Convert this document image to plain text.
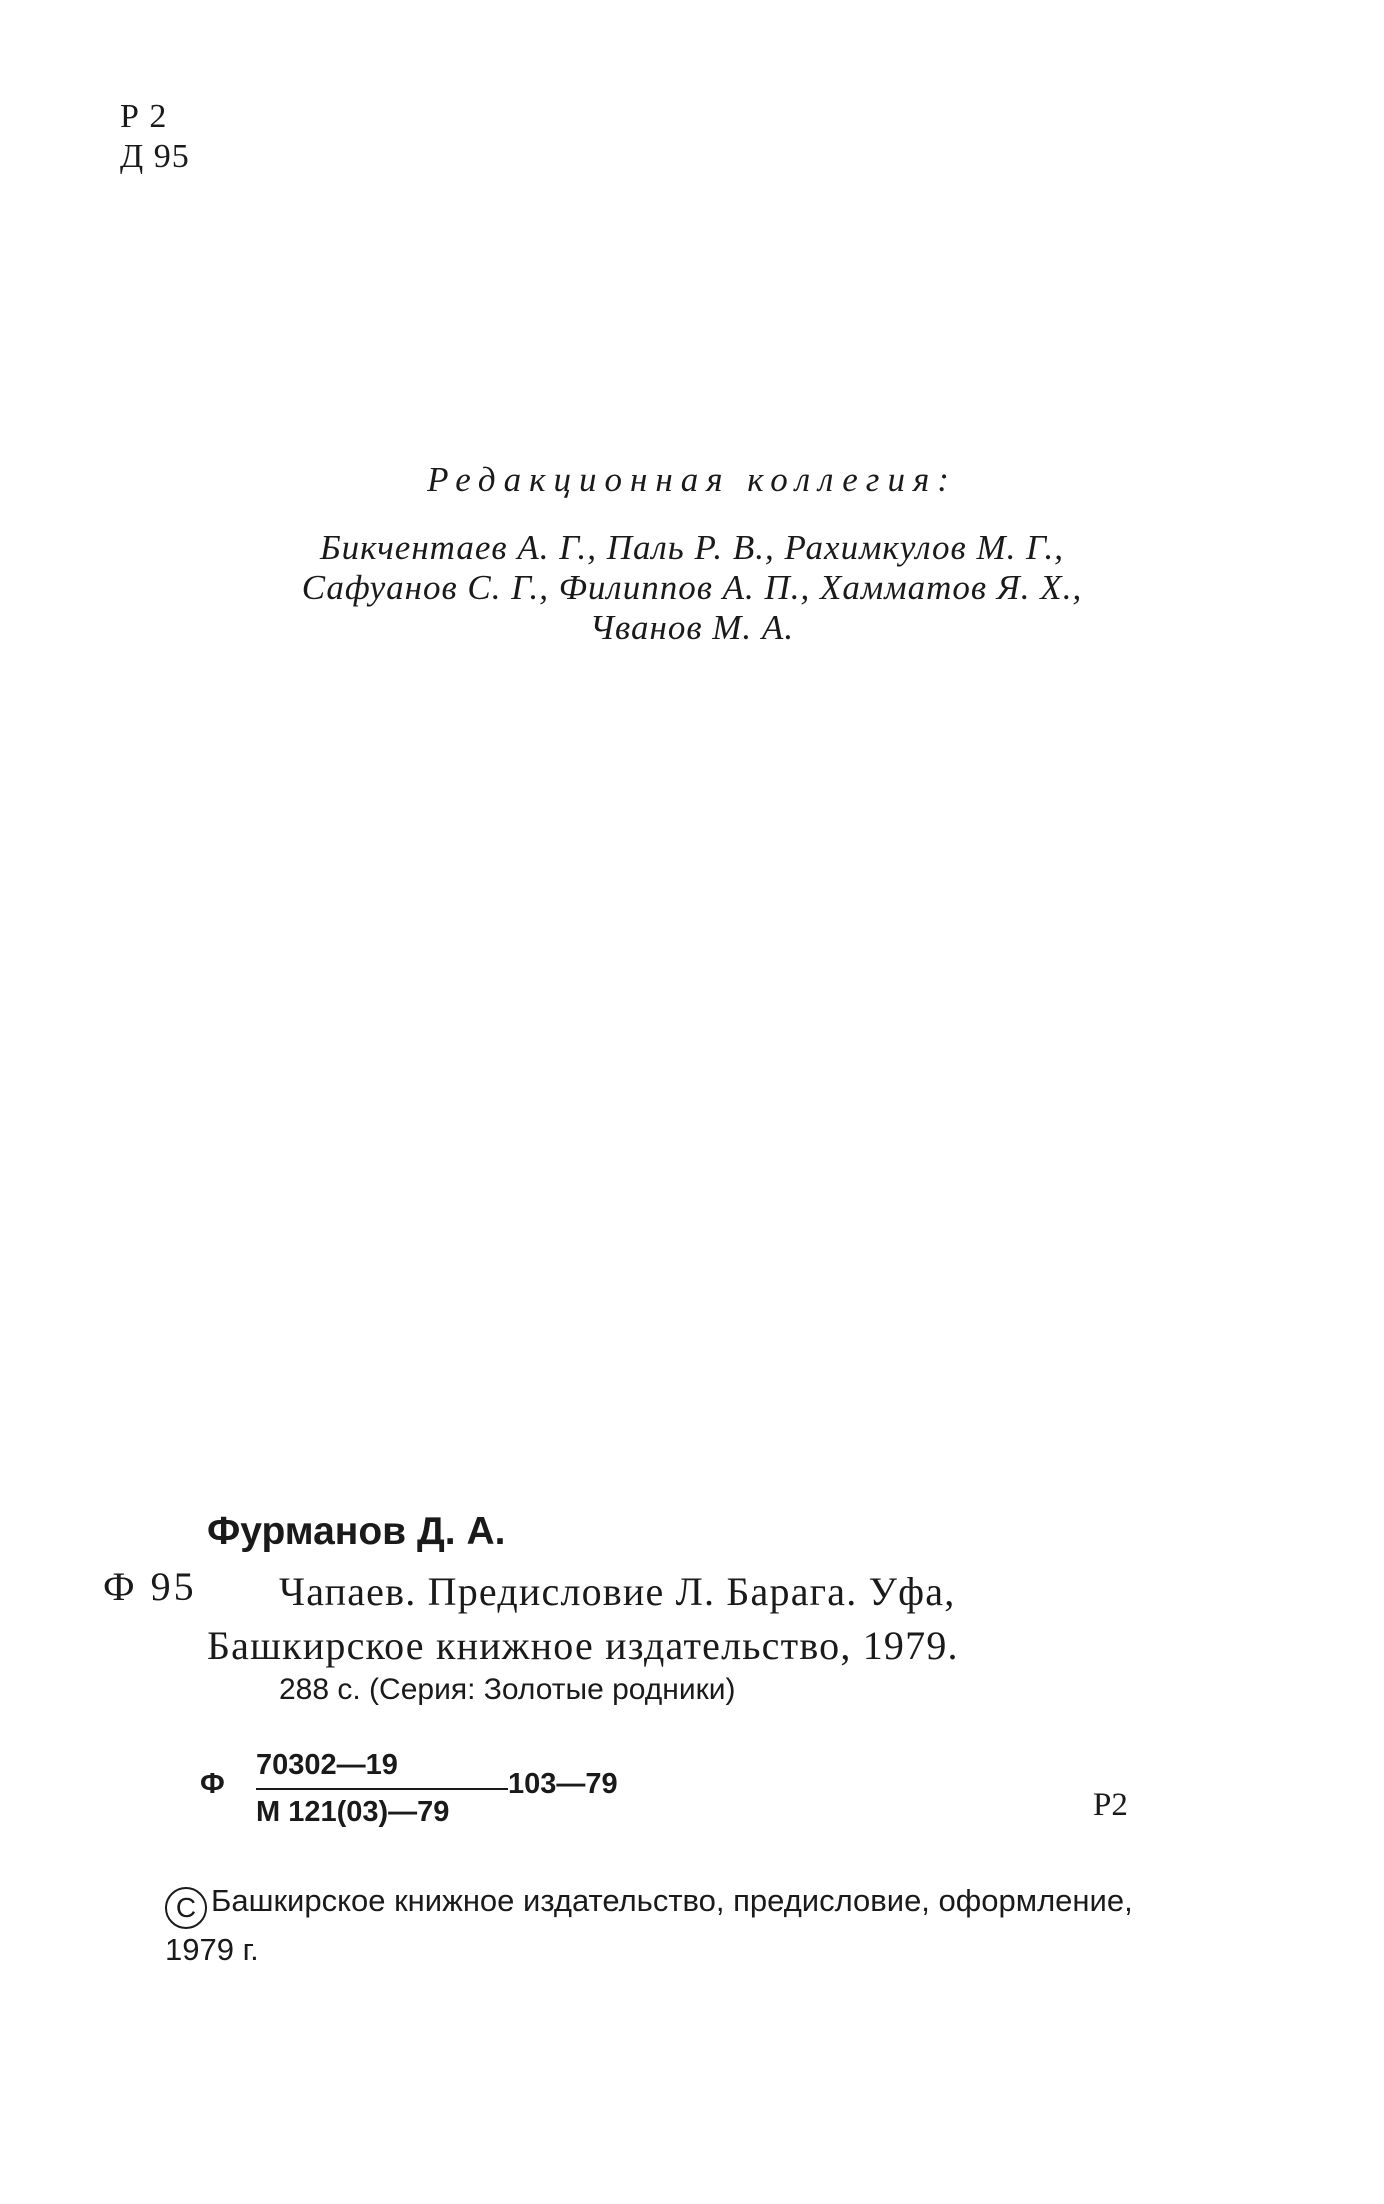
Р 2
Д 95
Редакционная коллегия:
Бикчентаев А. Г., Паль Р. В., Рахимкулов М. Г.,
Сафуанов С. Г., Филиппов А. П., Хамматов Я. Х.,
Чванов М. А.
Фурманов Д. А.
Ф 95	Чапаев. Предисловие Л. Барага. Уфа,
Башкирское книжное издательство, 1979.
288 с. (Серия: Золотые родники)
Ф
70302—19
М 121(03)—79
103—79
Р2
С Башкирское книжное издательство, предисловие, оформление, 1979 г.
